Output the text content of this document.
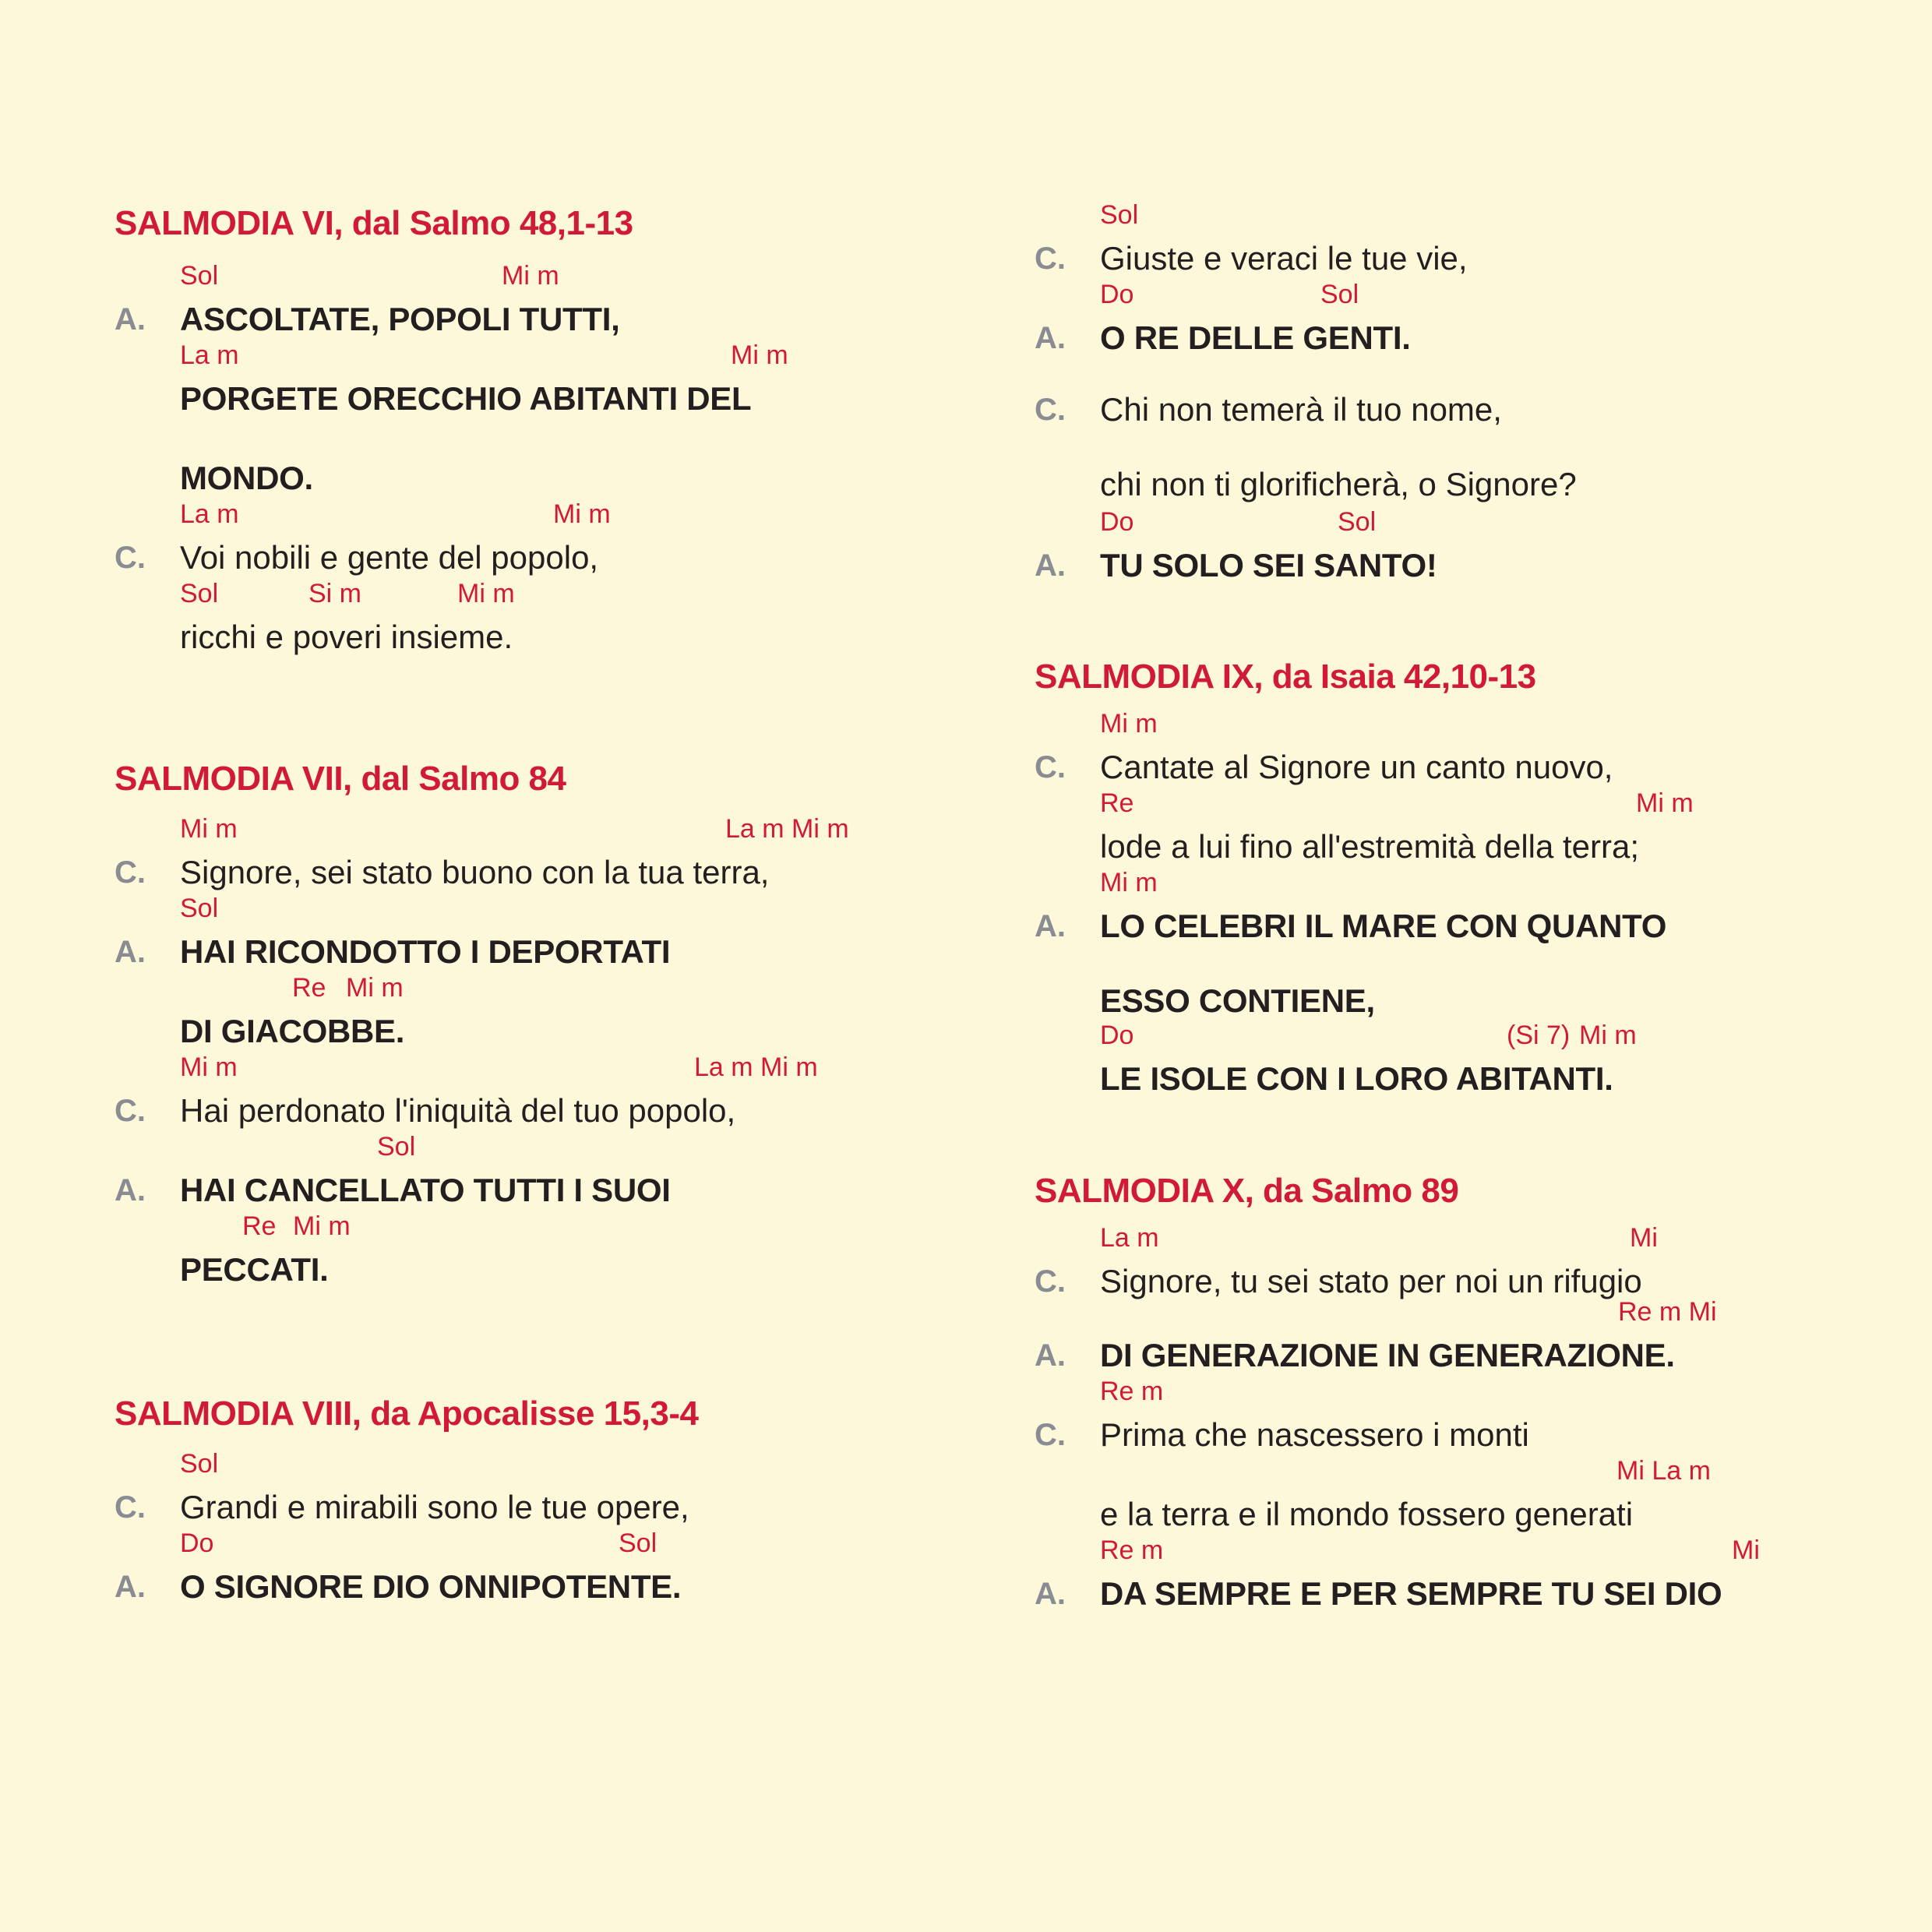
SALMODIA VI, dal Salmo 48,1-13
A. ASCOLTATE, POPOLI TUTTI,
Sol	Mi m
PORGETE ORECCHIO ABITANTI DEL
La m	Mi m
MONDO.
C. Voi nobili e gente del popolo,
La m	Mi m
ricchi e poveri insieme.
Sol	Si m	Mi m
SALMODIA VII, dal Salmo 84
C. Signore, sei stato buono con la tua terra,
Mi m	La m Mi m
A. HAI RICONDOTTO I DEPORTATI
Sol
DI GIACOBBE.
Re Mi m
C. Hai perdonato l'iniquità del tuo popolo,
Mi m	La m Mi m
A. HAI CANCELLATO TUTTI I SUOI
Sol
PECCATI.
Re Mi m
SALMODIA VIII, da Apocalisse 15,3-4
C. Grandi e mirabili sono le tue opere,
Sol
A. O SIGNORE DIO ONNIPOTENTE.
Do	Sol
C. Giuste e veraci le tue vie,
Sol
A. O RE DELLE GENTI.
Do	Sol
C. Chi non temerà il tuo nome,
chi non ti glorificherà, o Signore?
A. TU SOLO SEI SANTO!
Do	Sol
SALMODIA IX, da Isaia 42,10-13
C. Cantate al Signore un canto nuovo,
Mi m
lode a lui fino all'estremità della terra;
Re	Mi m
A. LO CELEBRI IL MARE CON QUANTO
Mi m
ESSO CONTIENE,
LE ISOLE CON I LORO ABITANTI.
Do	(Si 7) Mi m
SALMODIA X, da Salmo 89
C. Signore, tu sei stato per noi un rifugio
La m	Mi
A. DI GENERAZIONE IN GENERAZIONE.
Re m Mi
C. Prima che nascessero i monti
Re m
e la terra e il mondo fossero generati
Mi La m
A. DA SEMPRE E PER SEMPRE TU SEI DIO
Re m	Mi
